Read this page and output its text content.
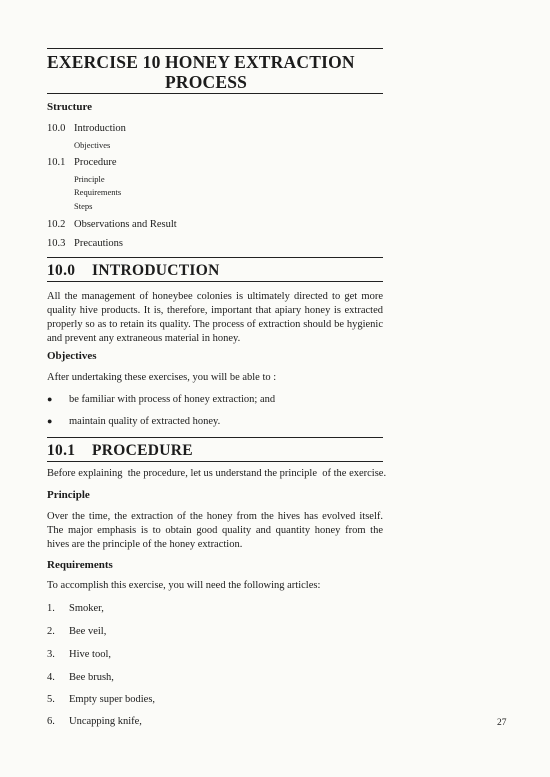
EXERCISE 10 HONEY EXTRACTION
PROCESS
Structure
10.0 Introduction
Objectives
10.1 Procedure
Principle
Requirements
Steps
10.2 Observations and Result
10.3 Precautions
10.0 INTRODUCTION
All the management of honeybee colonies is ultimately directed to get more quality hive products. It is, therefore, important that apiary honey is extracted properly so as to retain its quality. The process of extraction should be hygienic and prevent any extraneous material in honey.
Objectives
After undertaking these exercises, you will be able to :
● be familiar with process of honey extraction; and
● maintain quality of extracted honey.
10.1 PROCEDURE
Before explaining  the procedure, let us understand the principle  of the exercise.
Principle
Over the time, the extraction of the honey from the hives has evolved itself. The major emphasis is to obtain good quality and quantity honey from the hives are the principle of the honey extraction.
Requirements
To accomplish this exercise, you will need the following articles:
1. Smoker,
2. Bee veil,
3. Hive tool,
4. Bee brush,
5. Empty super bodies,
6. Uncapping knife,	27
